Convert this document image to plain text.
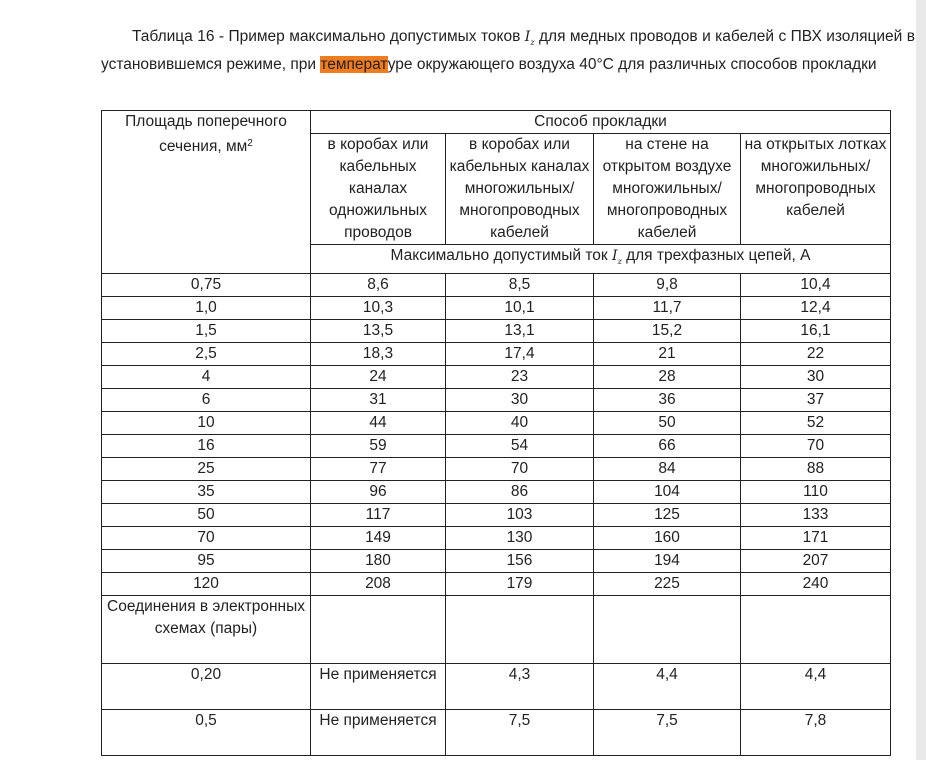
Таблица 16 - Пример максимально допустимых токов $I_z$ для медных проводов и кабелей с ПВХ изоляцией в установившемся режиме, при температуре окружающего воздуха 40°С для различных способов прокладки

Площадь поперечного сечения, $мм^2$	Способ прокладки			
	в коробах или кабельных каналах одножильных проводов	в коробах или кабельных каналах многожильных/ многопроводных кабелей	на стене на открытом воздухе многожильных/ многопроводных кабелей	на открытых лотках многожильных/ многопроводных кабелей
	Максимально допустимый ток $I_z$ для трехфазных цепей, А			
0,75	8,6	8,5	9,8	10,4
1,0	10,3	10,1	11,7	12,4
1,5	13,5	13,1	15,2	16,1
2,5	18,3	17,4	21	22
4	24	23	28	30
6	31	30	36	37
10	44	40	50	52
16	59	54	66	70
25	77	70	84	88
35	96	86	104	110
50	117	103	125	133
70	149	130	160	171
95	180	156	194	207
120	208	179	225	240
Соединения в электронных схемах (пары)				
0,20	Не применяется	4,3	4,4	4,4
0,5	Не применяется	7,5	7,5	7,8
